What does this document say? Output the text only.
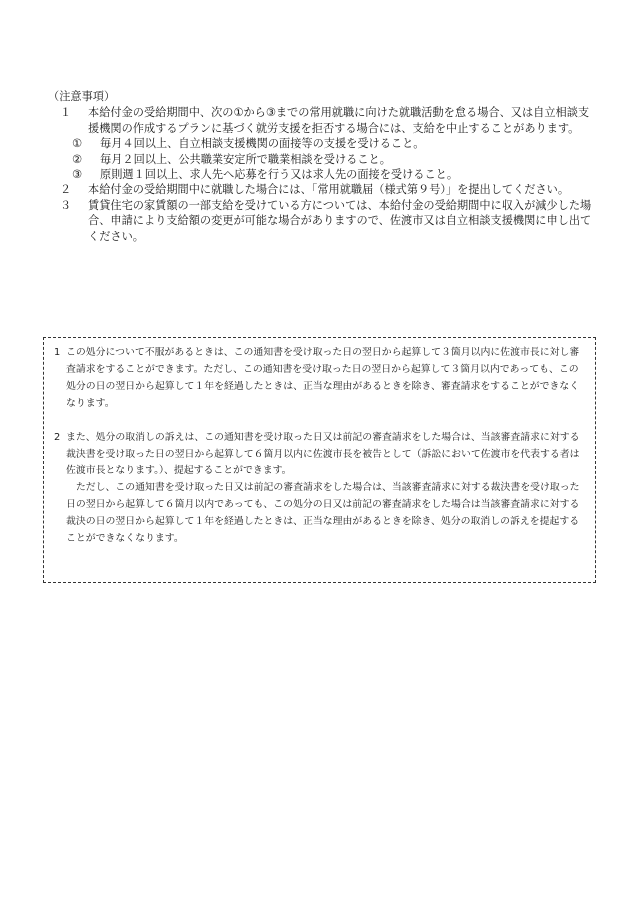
（注意事項）
１	本給付金の受給期間中、次の①から③までの常用就職に向けた就職活動を怠る場合、又は自立相談支援機関の作成するプランに基づく就労支援を拒否する場合には、支給を中止することがあります。
①	毎月４回以上、自立相談支援機関の面接等の支援を受けること。
②	毎月２回以上、公共職業安定所で職業相談を受けること。
③	原則週１回以上、求人先へ応募を行う又は求人先の面接を受けること。
２	本給付金の受給期間中に就職した場合には、「常用就職届（様式第９号）」を提出してください。
３	賃貸住宅の家賃額の一部支給を受けている方については、本給付金の受給期間中に収入が減少した場合、申請により支給額の変更が可能な場合がありますので、佐渡市又は自立相談支援機関に申し出てください。
1 この処分について不服があるときは、この通知書を受け取った日の翌日から起算して３箇月以内に佐渡市長に対し審査請求をすることができます。ただし、この通知書を受け取った日の翌日から起算して３箇月以内であっても、この処分の日の翌日から起算して１年を経過したときは、正当な理由があるときを除き、審査請求をすることができなくなります。
2 また、処分の取消しの訴えは、この通知書を受け取った日又は前記の審査請求をした場合は、当該審査請求に対する裁決書を受け取った日の翌日から起算して６箇月以内に佐渡市長を被告として（訴訟において佐渡市を代表する者は佐渡市長となります。）、提起することができます。
ただし、この通知書を受け取った日又は前記の審査請求をした場合は、当該審査請求に対する裁決書を受け取った日の翌日から起算して６箇月以内であっても、この処分の日又は前記の審査請求をした場合は当該審査請求に対する裁決の日の翌日から起算して１年を経過したときは、正当な理由があるときを除き、処分の取消しの訴えを提起することができなくなります。
